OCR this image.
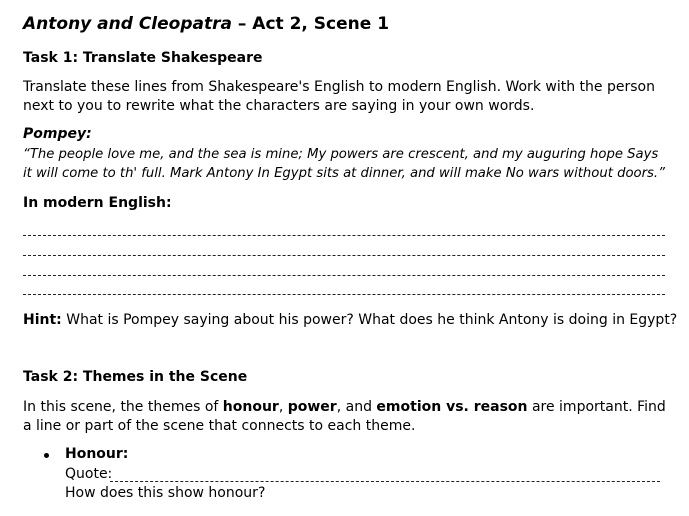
Antony and Cleopatra – Act 2, Scene 1
Task 1: Translate Shakespeare
Translate these lines from Shakespeare's English to modern English. Work with the person next to you to rewrite what the characters are saying in your own words.
Pompey:
“The people love me, and the sea is mine; My powers are crescent, and my auguring hope Says it will come to th' full. Mark Antony In Egypt sits at dinner, and will make No wars without doors.”
In modern English:
Hint: What is Pompey saying about his power? What does he think Antony is doing in Egypt?
Task 2: Themes in the Scene
In this scene, the themes of honour, power, and emotion vs. reason are important. Find a line or part of the scene that connects to each theme.
Honour:
Quote:
How does this show honour?
